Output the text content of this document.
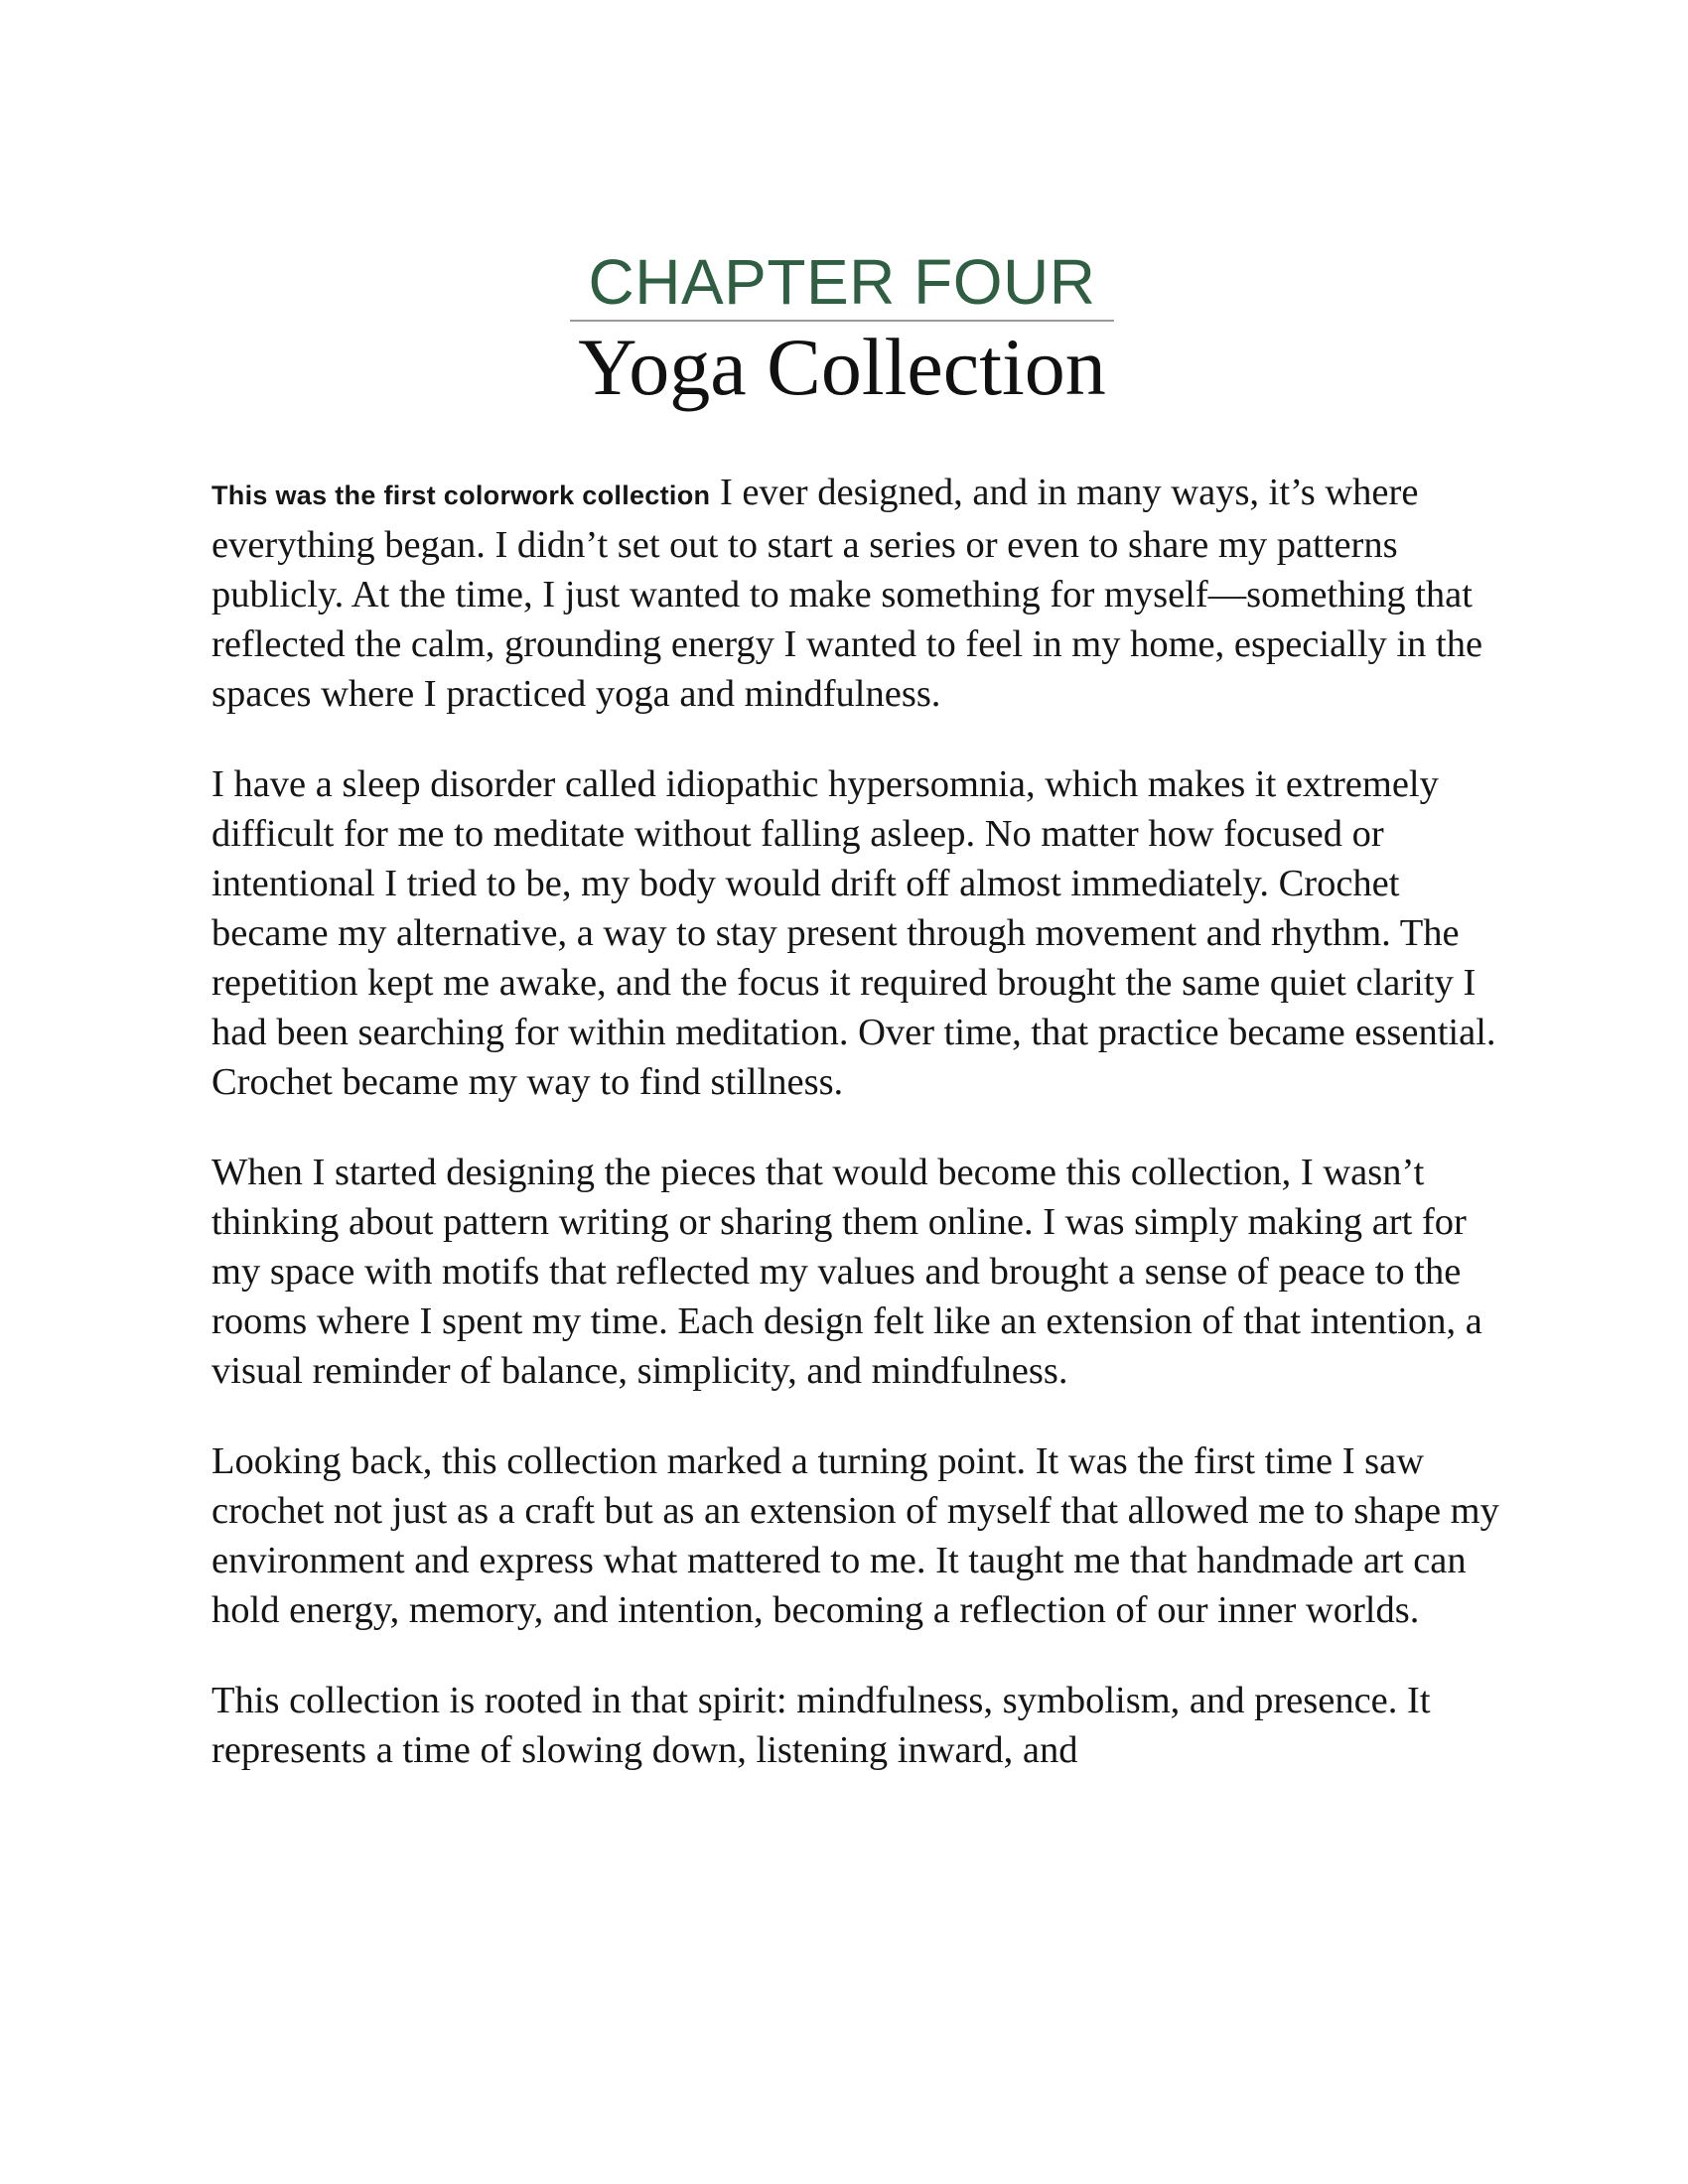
CHAPTER FOUR
Yoga Collection

This was the first colorwork collection I ever designed, and in many ways, it’s where everything began. I didn’t set out to start a series or even to share my patterns publicly. At the time, I just wanted to make something for myself—something that reflected the calm, grounding energy I wanted to feel in my home, especially in the spaces where I practiced yoga and mindfulness.

I have a sleep disorder called idiopathic hypersomnia, which makes it extremely difficult for me to meditate without falling asleep. No matter how focused or intentional I tried to be, my body would drift off almost immediately. Crochet became my alternative, a way to stay present through movement and rhythm. The repetition kept me awake, and the focus it required brought the same quiet clarity I had been searching for within meditation. Over time, that practice became essential. Crochet became my way to find stillness.

When I started designing the pieces that would become this collection, I wasn’t thinking about pattern writing or sharing them online. I was simply making art for my space with motifs that reflected my values and brought a sense of peace to the rooms where I spent my time. Each design felt like an extension of that intention, a visual reminder of balance, simplicity, and mindfulness.

Looking back, this collection marked a turning point. It was the first time I saw crochet not just as a craft but as an extension of myself that allowed me to shape my environment and express what mattered to me. It taught me that handmade art can hold energy, memory, and intention, becoming a reflection of our inner worlds.

This collection is rooted in that spirit: mindfulness, symbolism, and presence. It represents a time of slowing down, listening inward, and
